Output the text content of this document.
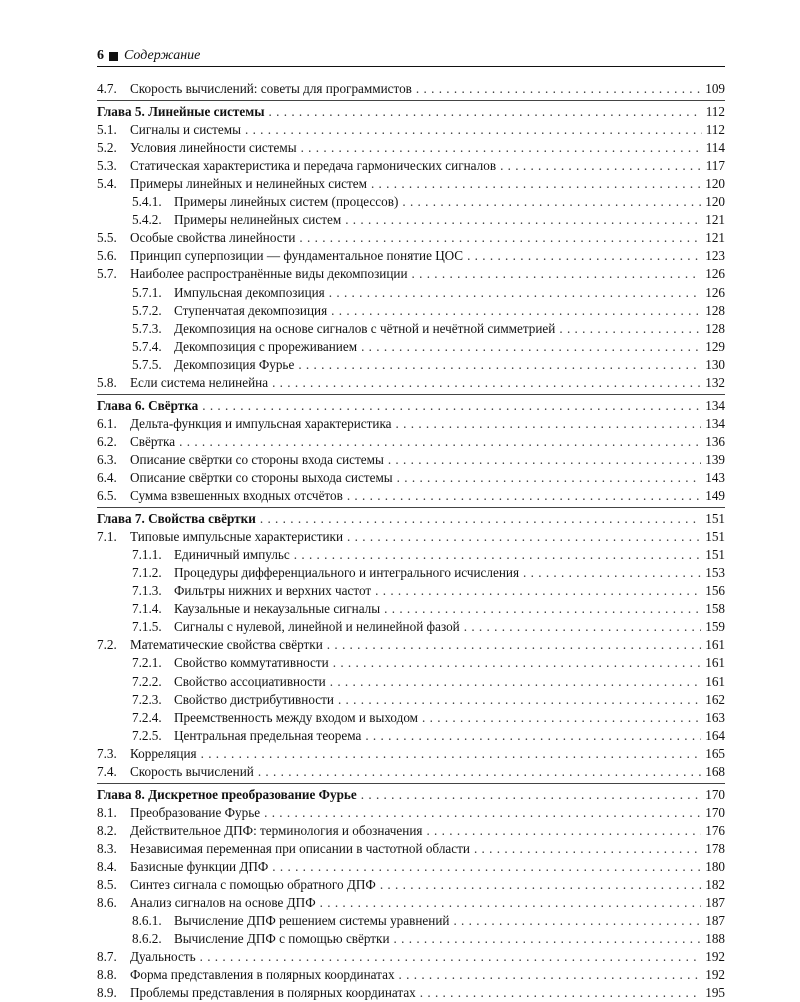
6 Содержание
4.7.	Скорость вычислений: советы для программистов . . .	109
Глава 5. Линейные системы . . .	112
5.1.	Сигналы и системы . . .	112
5.2.	Условия линейности системы . . .	114
5.3.	Статическая характеристика и передача гармонических сигналов . . .	117
5.4.	Примеры линейных и нелинейных систем . . .	120
5.4.1. Примеры линейных систем (процессов) . . .	120
5.4.2. Примеры нелинейных систем . . .	121
5.5.	Особые свойства линейности . . .	121
5.6.	Принцип суперпозиции — фундаментальное понятие ЦОС . . .	123
5.7.	Наиболее распространённые виды декомпозиции . . .	126
5.7.1. Импульсная декомпозиция . . .	126
5.7.2. Ступенчатая декомпозиция . . .	128
5.7.3. Декомпозиция на основе сигналов с чётной и нечётной симметрией . . .	128
5.7.4. Декомпозиция с прореживанием . . .	129
5.7.5. Декомпозиция Фурье . . .	130
5.8.	Если система нелинейна . . .	132
Глава 6. Свёртка . . .	134
6.1.	Дельта-функция и импульсная характеристика . . .	134
6.2.	Свёртка . . .	136
6.3.	Описание свёртки со стороны входа системы . . .	139
6.4.	Описание свёртки со стороны выхода системы . . .	143
6.5.	Сумма взвешенных входных отсчётов . . .	149
Глава 7. Свойства свёртки . . .	151
7.1.	Типовые импульсные характеристики . . .	151
7.1.1. Единичный импульс . . .	151
7.1.2. Процедуры дифференциального и интегрального исчисления . . .	153
7.1.3. Фильтры нижних и верхних частот . . .	156
7.1.4. Каузальные и некаузальные сигналы . . .	158
7.1.5. Сигналы с нулевой, линейной и нелинейной фазой . . .	159
7.2.	Математические свойства свёртки . . .	161
7.2.1. Свойство коммутативности . . .	161
7.2.2. Свойство ассоциативности . . .	161
7.2.3. Свойство дистрибутивности . . .	162
7.2.4. Преемственность между входом и выходом . . .	163
7.2.5. Центральная предельная теорема . . .	164
7.3.	Корреляция . . .	165
7.4.	Скорость вычислений . . .	168
Глава 8. Дискретное преобразование Фурье . . .	170
8.1.	Преобразование Фурье . . .	170
8.2.	Действительное ДПФ: терминология и обозначения . . .	176
8.3.	Независимая переменная при описании в частотной области . . .	178
8.4.	Базисные функции ДПФ . . .	180
8.5.	Синтез сигнала с помощью обратного ДПФ . . .	182
8.6.	Анализ сигналов на основе ДПФ . . .	187
8.6.1. Вычисление ДПФ решением системы уравнений . . .	187
8.6.2. Вычисление ДПФ с помощью свёртки . . .	188
8.7.	Дуальность . . .	192
8.8.	Форма представления в полярных координатах . . .	192
8.9.	Проблемы представления в полярных координатах . . .	195
